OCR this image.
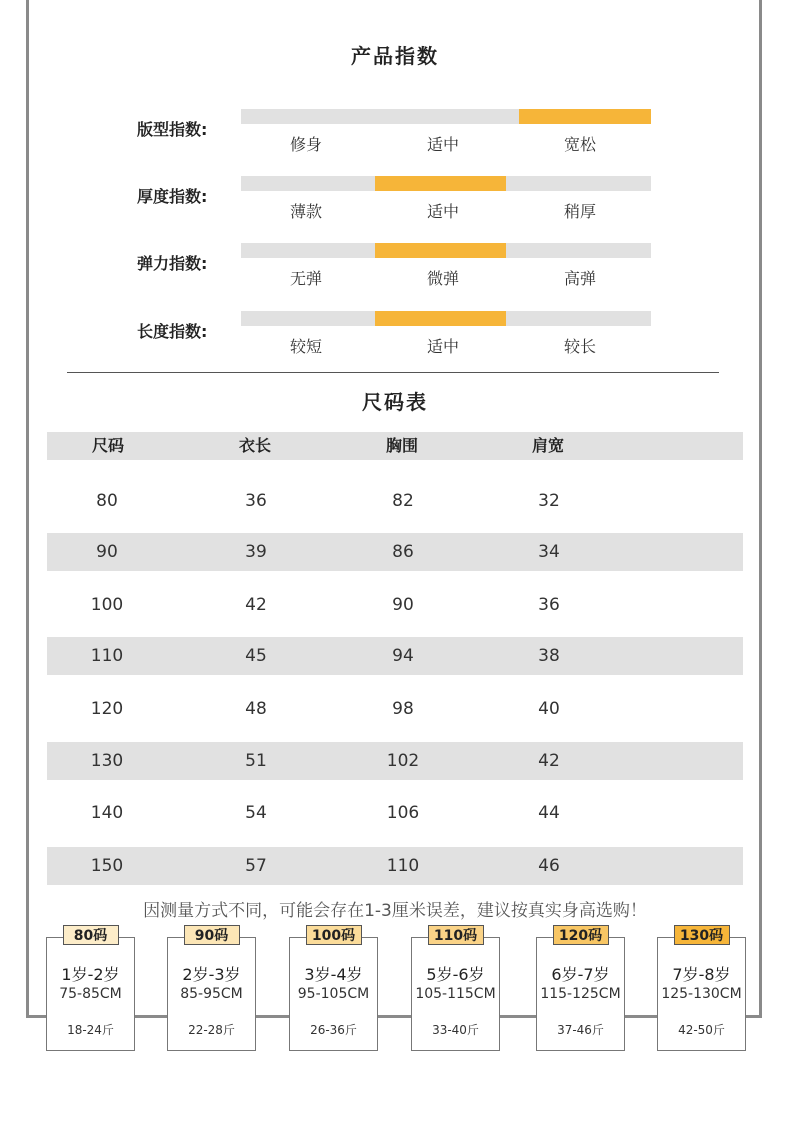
产品指数
版型指数:
修身	适中	宽松
厚度指数:
薄款	适中	稍厚
弹力指数:
无弹	微弹	高弹
长度指数:
较短	适中	较长
尺码表
尺码	衣长	胸围	肩宽
80	36	82	32
90	39	86	34
100	42	90	36
110	45	94	38
120	48	98	40
130	51	102	42
140	54	106	44
150	57	110	46
因测量方式不同，可能会存在1-3厘米误差，建议按真实身高选购！
80码
1岁-2岁
75-85CM
18-24斤
90码
2岁-3岁
85-95CM
22-28斤
100码
3岁-4岁
95-105CM
26-36斤
110码
5岁-6岁
105-115CM
33-40斤
120码
6岁-7岁
115-125CM
37-46斤
130码
7岁-8岁
125-130CM
42-50斤
